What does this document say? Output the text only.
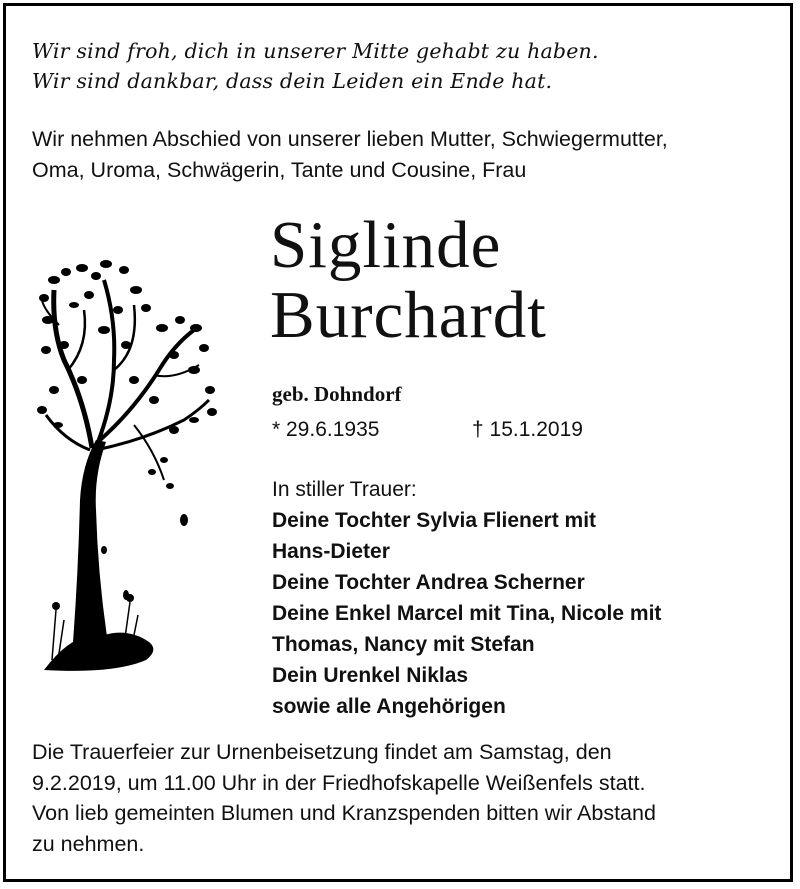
Wir sind froh, dich in unserer Mitte gehabt zu haben.
Wir sind dankbar, dass dein Leiden ein Ende hat.
Wir nehmen Abschied von unserer lieben Mutter, Schwiegermutter,
Oma, Uroma, Schwägerin, Tante und Cousine, Frau
Siglinde
Burchardt
geb. Dohndorf
* 29.6.1935	† 15.1.2019
In stiller Trauer:
Deine Tochter Sylvia Flienert mit
Hans-Dieter
Deine Tochter Andrea Scherner
Deine Enkel Marcel mit Tina, Nicole mit
Thomas, Nancy mit Stefan
Dein Urenkel Niklas
sowie alle Angehörigen
Die Trauerfeier zur Urnenbeisetzung findet am Samstag, den
9.2.2019, um 11.00 Uhr in der Friedhofskapelle Weißenfels statt.
Von lieb gemeinten Blumen und Kranzspenden bitten wir Abstand
zu nehmen.
